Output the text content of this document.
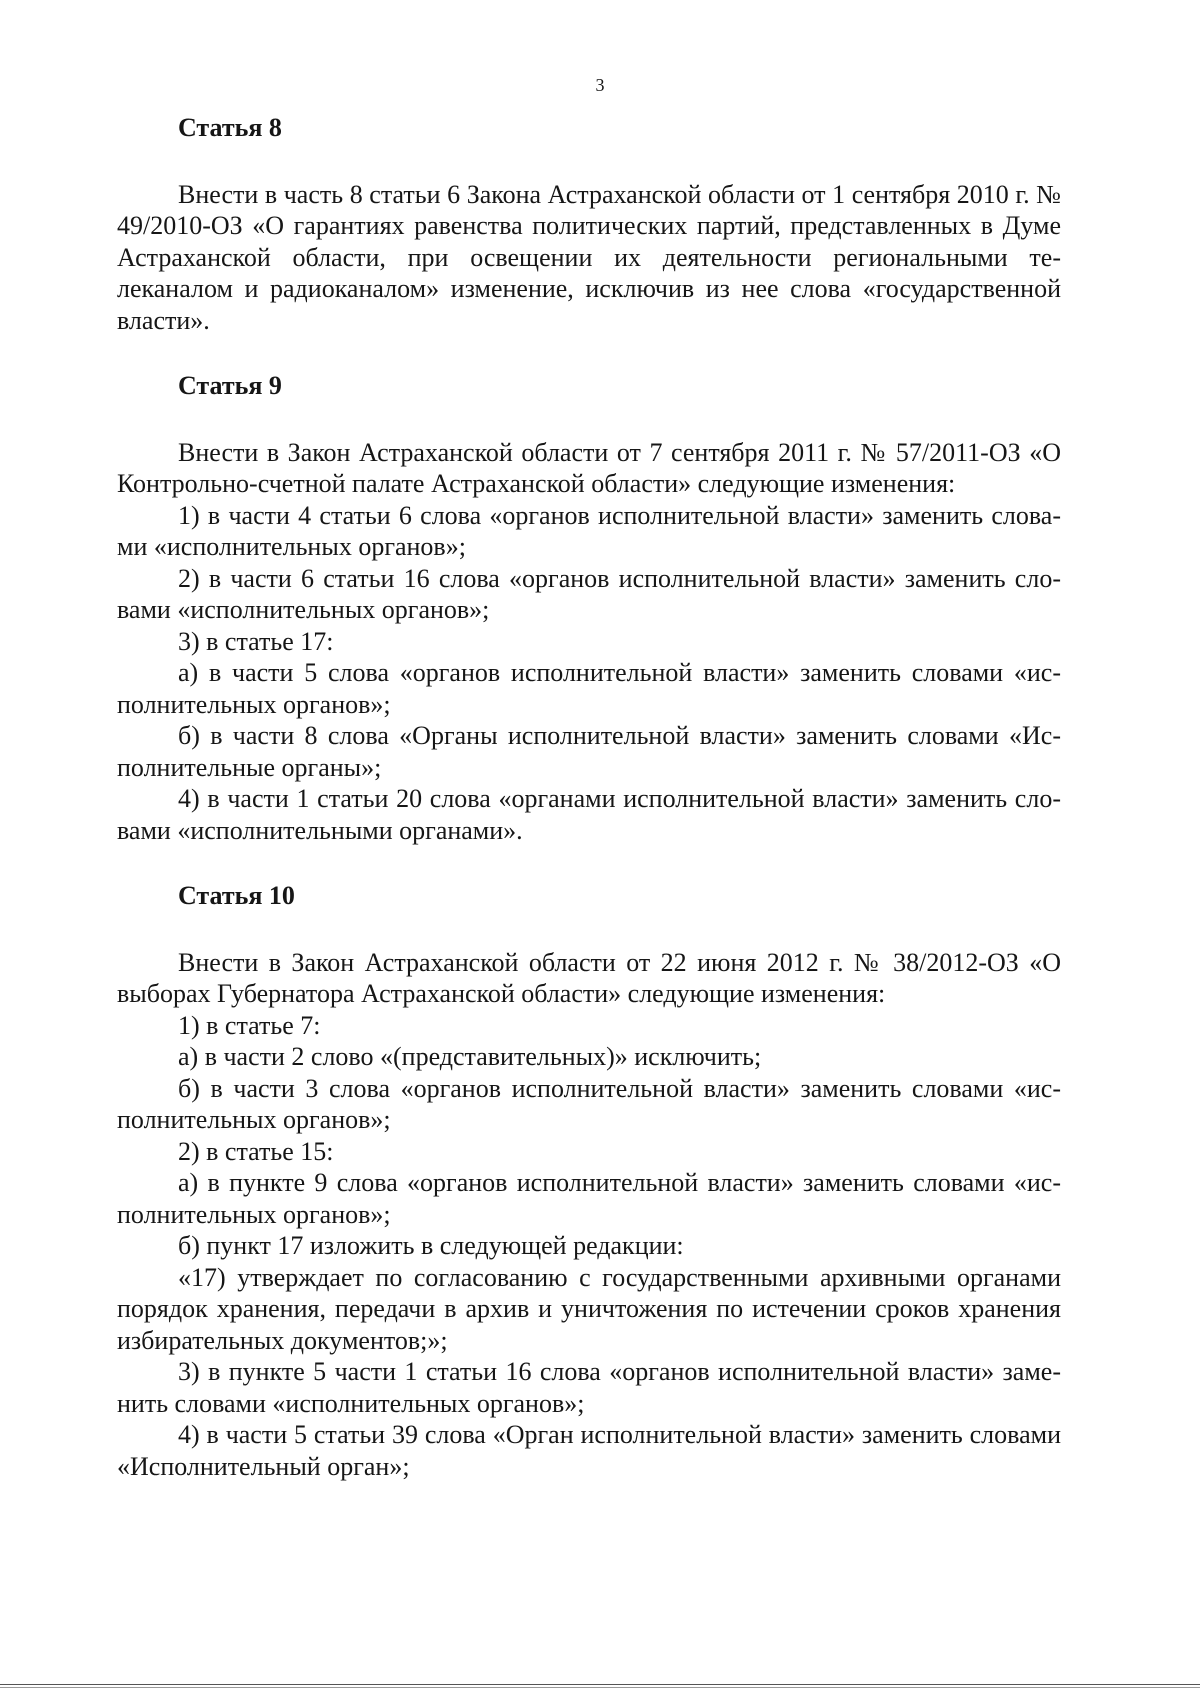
3

Статья 8

Внести в часть 8 статьи 6 Закона Астраханской области от 1 сентября 2010 г. № 49/2010-ОЗ «О гарантиях равенства политических партий, представленных в Думе Астраханской области, при освещении их деятельности региональными телеканалом и радиоканалом» изменение, исключив из нее слова «государственной власти».

Статья 9

Внести в Закон Астраханской области от 7 сентября 2011 г. № 57/2011-ОЗ «О Контрольно-счетной палате Астраханской области» следующие изменения:

1) в части 4 статьи 6 слова «органов исполнительной власти» заменить словами «исполнительных органов»;

2) в части 6 статьи 16 слова «органов исполнительной власти» заменить словами «исполнительных органов»;

3) в статье 17:

а) в части 5 слова «органов исполнительной власти» заменить словами «исполнительных органов»;

б) в части 8 слова «Органы исполнительной власти» заменить словами «Исполнительные органы»;

4) в части 1 статьи 20 слова «органами исполнительной власти» заменить словами «исполнительными органами».

Статья 10

Внести в Закон Астраханской области от 22 июня 2012 г. № 38/2012-ОЗ «О выборах Губернатора Астраханской области» следующие изменения:

1) в статье 7:

а) в части 2 слово «(представительных)» исключить;

б) в части 3 слова «органов исполнительной власти» заменить словами «исполнительных органов»;

2) в статье 15:

а) в пункте 9 слова «органов исполнительной власти» заменить словами «исполнительных органов»;

б) пункт 17 изложить в следующей редакции:

«17) утверждает по согласованию с государственными архивными органами порядок хранения, передачи в архив и уничтожения по истечении сроков хранения избирательных документов;»;

3) в пункте 5 части 1 статьи 16 слова «органов исполнительной власти» заменить словами «исполнительных органов»;

4) в части 5 статьи 39 слова «Орган исполнительной власти» заменить словами «Исполнительный орган»;
